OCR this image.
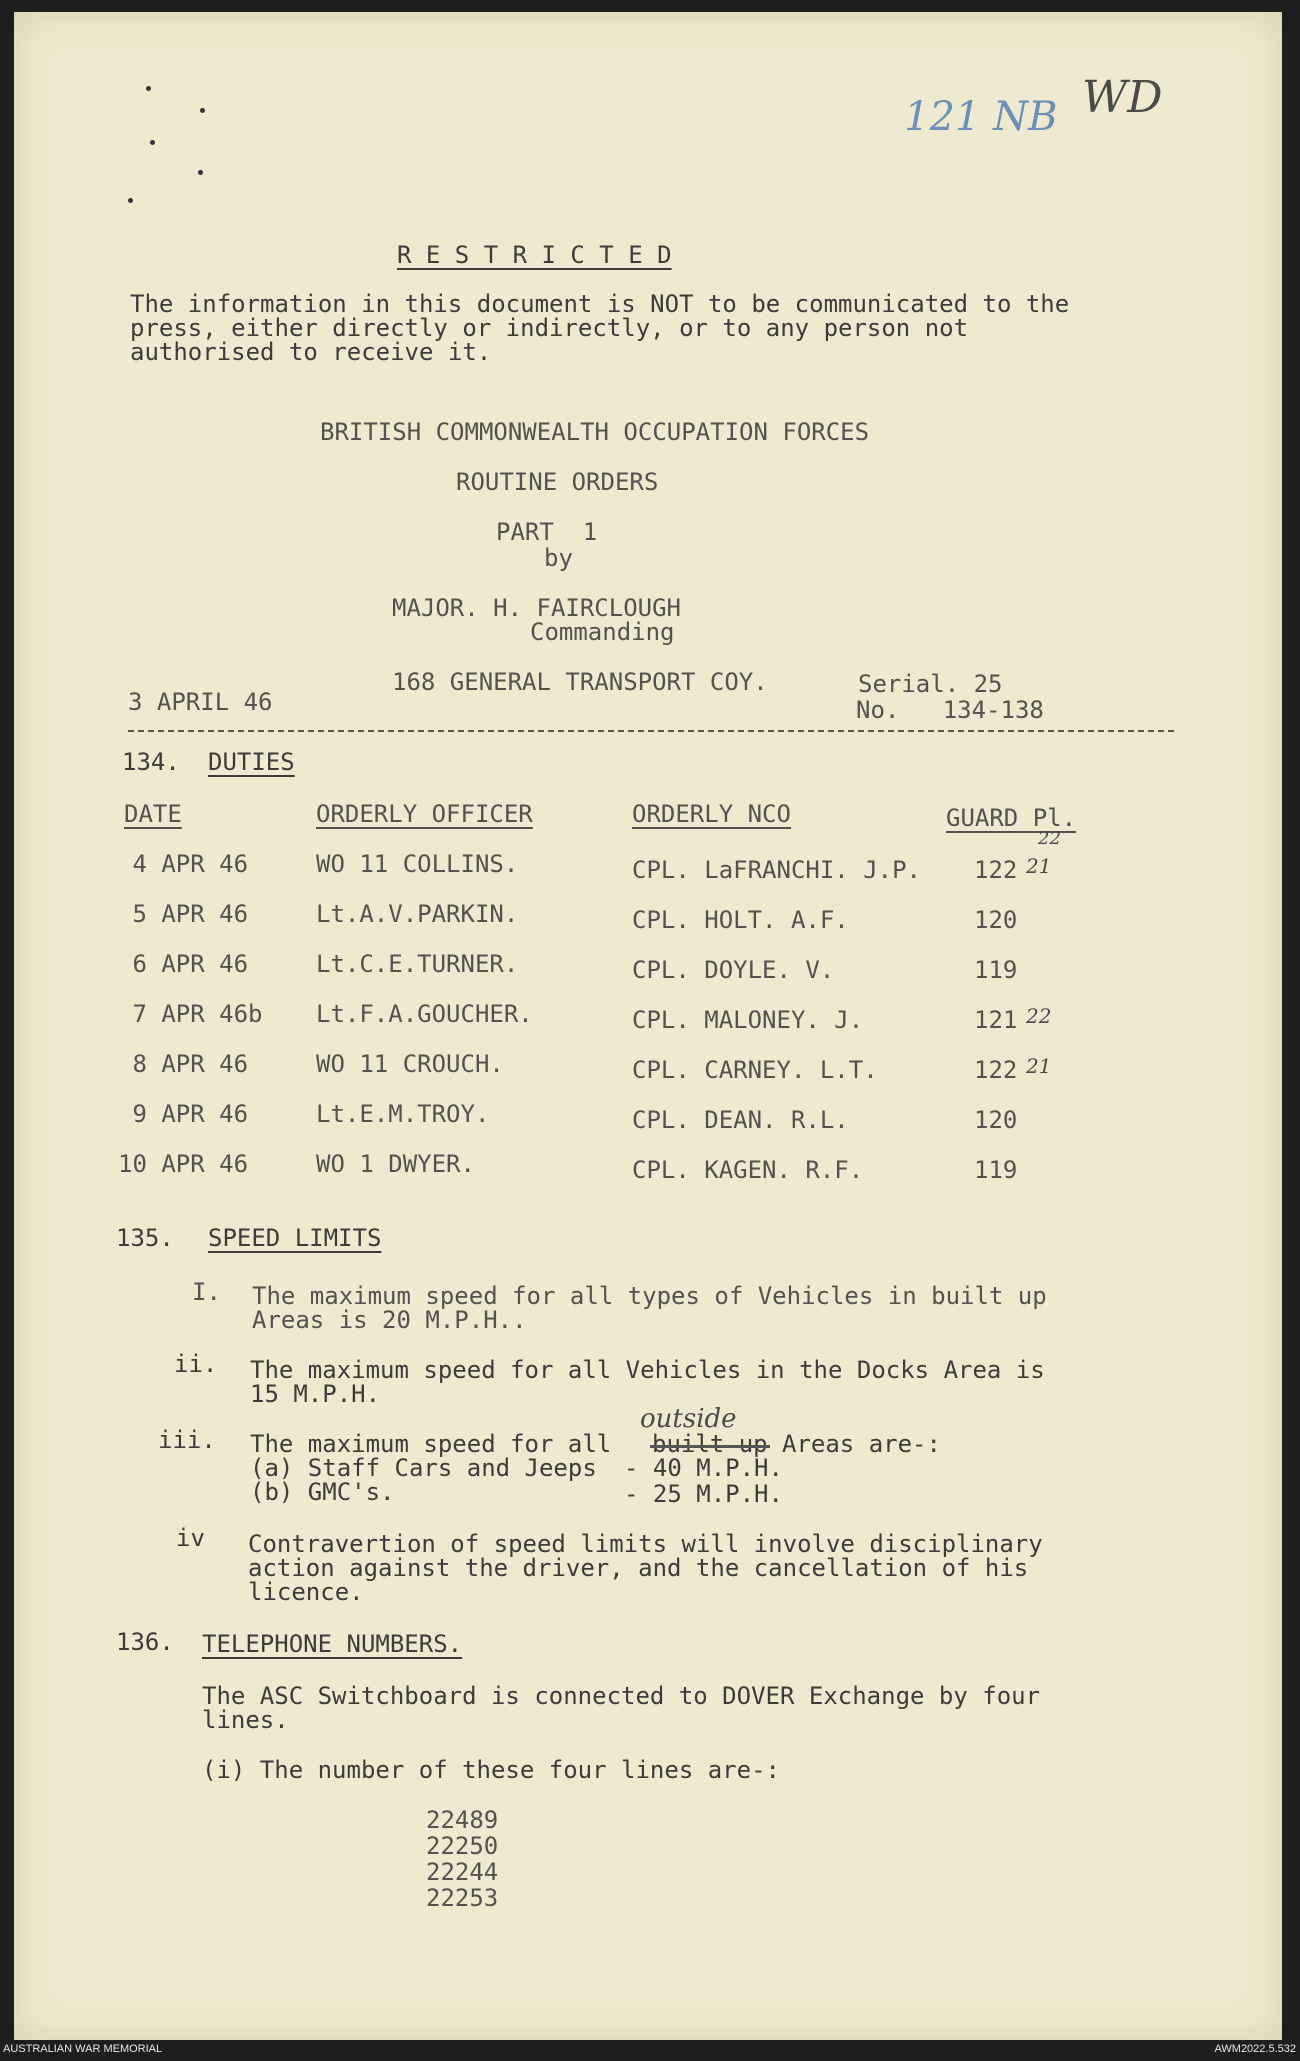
121 NB WD
R E S T R I C T E D
The information in this document is NOT to be communicated to the
press, either directly or indirectly, or to any person not
authorised to receive it.
BRITISH COMMONWEALTH OCCUPATION FORCES
ROUTINE ORDERS
PART  1
by
MAJOR. H. FAIRCLOUGH
Commanding
168 GENERAL TRANSPORT COY.
3 APRIL 46
Serial. 25
No.   134-138
134. DUTIES
DATE	ORDERLY OFFICER	ORDERLY NCO	GUARD Pl.
22
4 APR 46	WO 11 COLLINS.	CPL. LaFRANCHI. J.P. 122 21
5 APR 46	Lt.A.V.PARKIN.	CPL. HOLT. A.F.	120
6 APR 46	Lt.C.E.TURNER.	CPL. DOYLE. V.	119
7 APR 46b Lt.F.A.GOUCHER.	CPL. MALONEY. J.	121 22
8 APR 46	WO 11 CROUCH.	CPL. CARNEY. L.T.	122 21
9 APR 46	Lt.E.M.TROY.	CPL. DEAN. R.L.	120
10 APR 46	WO 1 DWYER.	CPL. KAGEN. R.F.	119
135. SPEED LIMITS
I. The maximum speed for all types of Vehicles in built up
Areas is 20 M.P.H..
ii. The maximum speed for all Vehicles in the Docks Area is
15 M.P.H.
outside
iii. The maximum speed for all built up Areas are-:
(a) Staff Cars and Jeeps - 40 M.P.H.
(b) GMC's.	- 25 M.P.H.
iv Contravertion of speed limits will involve disciplinary
action against the driver, and the cancellation of his
licence.
136. TELEPHONE NUMBERS.
The ASC Switchboard is connected to DOVER Exchange by four
lines.
(i) The number of these four lines are-:
22489
22250
22244
22253
AUSTRALIAN WAR MEMORIAL	AWM2022.5.532
